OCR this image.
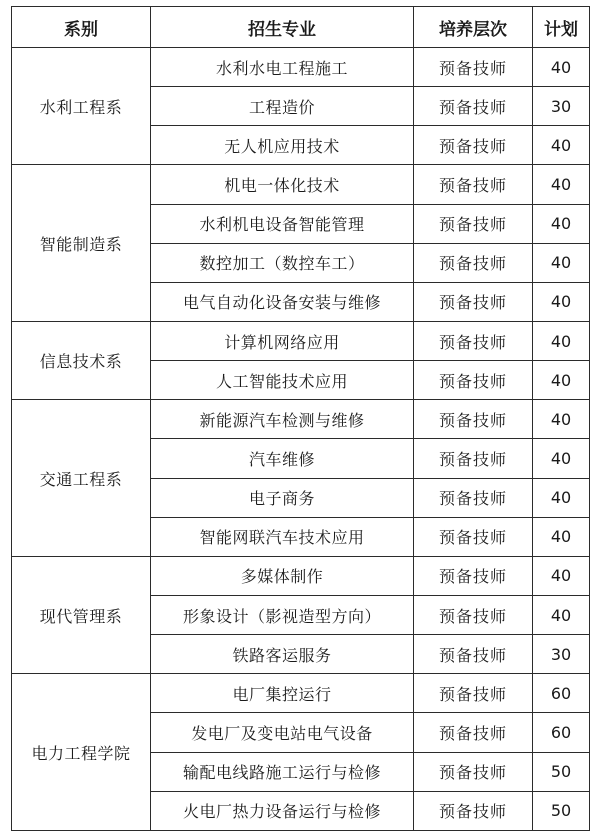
系别	招生专业	培养层次	计划
水利工程系	水利水电工程施工	预备技师	40
	工程造价	预备技师	30
	无人机应用技术	预备技师	40
智能制造系	机电一体化技术	预备技师	40
	水利机电设备智能管理	预备技师	40
	数控加工（数控车工）	预备技师	40
	电气自动化设备安装与维修	预备技师	40
信息技术系	计算机网络应用	预备技师	40
	人工智能技术应用	预备技师	40
交通工程系	新能源汽车检测与维修	预备技师	40
	汽车维修	预备技师	40
	电子商务	预备技师	40
	智能网联汽车技术应用	预备技师	40
现代管理系	多媒体制作	预备技师	40
	形象设计（影视造型方向）	预备技师	40
	铁路客运服务	预备技师	30
电力工程学院	电厂集控运行	预备技师	60
	发电厂及变电站电气设备	预备技师	60
	输配电线路施工运行与检修	预备技师	50
	火电厂热力设备运行与检修	预备技师	50
